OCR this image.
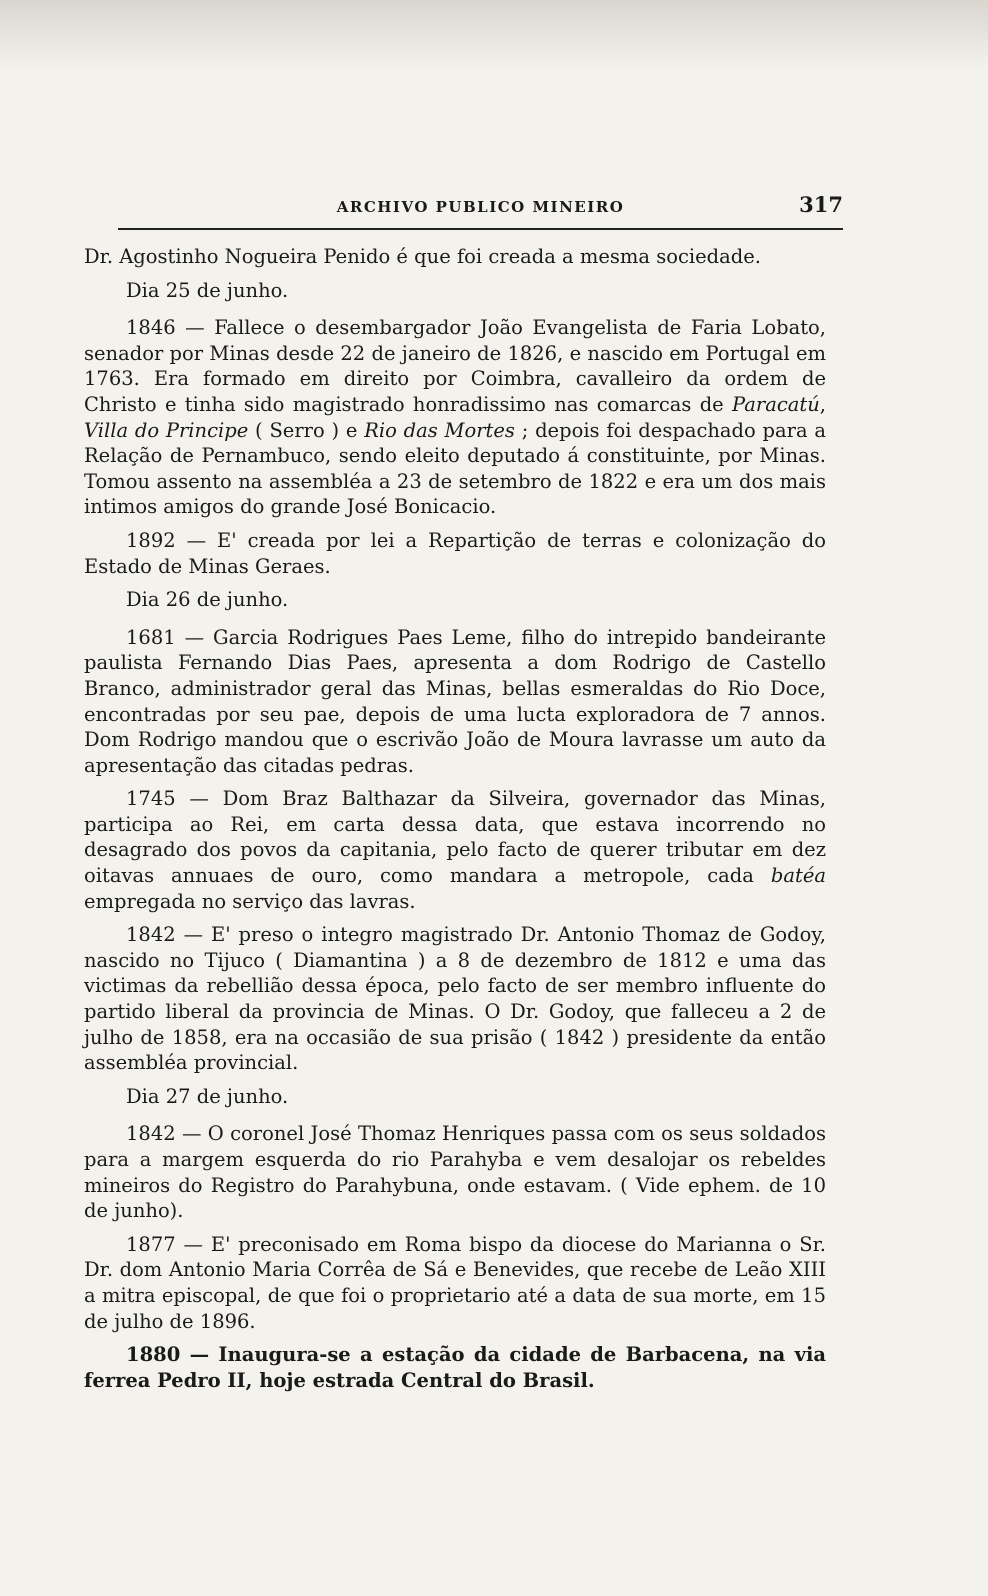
ARCHIVO PUBLICO MINEIRO	317

Dr. Agostinho Nogueira Penido é que foi creada a mesma sociedade.

Dia 25 de junho.

1846 — Fallece o desembargador João Evangelista de Faria Lobato, senador por Minas desde 22 de janeiro de 1826, e nascido em Portugal em 1763. Era formado em direito por Coimbra, cavalleiro da ordem de Christo e tinha sido magistrado honradissimo nas comarcas de Paracatú, Villa do Principe ( Serro ) e Rio das Mortes ; depois foi despachado para a Relação de Pernambuco, sendo eleito deputado á constituinte, por Minas. Tomou assento na assembléa a 23 de setembro de 1822 e era um dos mais intimos amigos do grande José Bonicacio.

1892 — E' creada por lei a Repartição de terras e colonização do Estado de Minas Geraes.

Dia 26 de junho.

1681 — Garcia Rodrigues Paes Leme, filho do intrepido bandeirante paulista Fernando Dias Paes, apresenta a dom Rodrigo de Castello Branco, administrador geral das Minas, bellas esmeraldas do Rio Doce, encontradas por seu pae, depois de uma lucta exploradora de 7 annos. Dom Rodrigo mandou que o escrivão João de Moura lavrasse um auto da apresentação das citadas pedras.

1745 — Dom Braz Balthazar da Silveira, governador das Minas, participa ao Rei, em carta dessa data, que estava incorrendo no desagrado dos povos da capitania, pelo facto de querer tributar em dez oitavas annuaes de ouro, como mandara a metropole, cada batéa empregada no serviço das lavras.

1842 — E' preso o integro magistrado Dr. Antonio Thomaz de Godoy, nascido no Tijuco ( Diamantina ) a 8 de dezembro de 1812 e uma das victimas da rebellião dessa época, pelo facto de ser membro influente do partido liberal da provincia de Minas. O Dr. Godoy, que falleceu a 2 de julho de 1858, era na occasião de sua prisão ( 1842 ) presidente da então assembléa provincial.

Dia 27 de junho.

1842 — O coronel José Thomaz Henriques passa com os seus soldados para a margem esquerda do rio Parahyba e vem desalojar os rebeldes mineiros do Registro do Parahybuna, onde estavam. ( Vide ephem. de 10 de junho).

1877 — E' preconisado em Roma bispo da diocese do Marianna o Sr. Dr. dom Antonio Maria Corrêa de Sá e Benevides, que recebe de Leão XIII a mitra episcopal, de que foi o proprietario até a data de sua morte, em 15 de julho de 1896.

1880 — Inaugura-se a estação da cidade de Barbacena, na via ferrea Pedro II, hoje estrada Central do Brasil.
